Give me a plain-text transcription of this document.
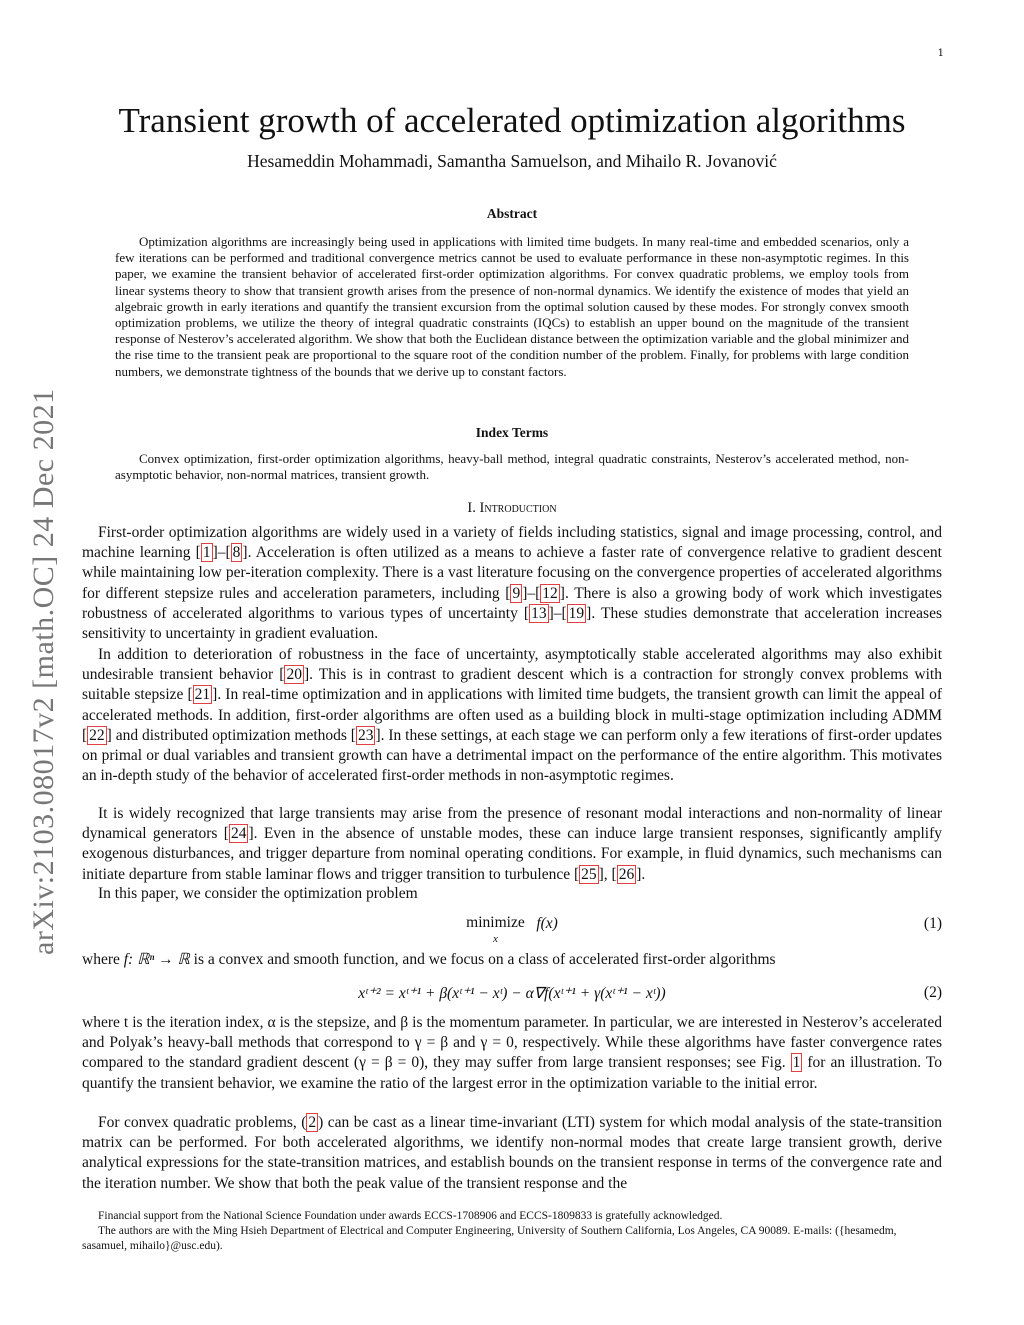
1
arXiv:2103.08017v2 [math.OC] 24 Dec 2021
Transient growth of accelerated optimization algorithms
Hesameddin Mohammadi, Samantha Samuelson, and Mihailo R. Jovanović
Abstract

Optimization algorithms are increasingly being used in applications with limited time budgets. In many real-time and embedded scenarios, only a few iterations can be performed and traditional convergence metrics cannot be used to evaluate performance in these non-asymptotic regimes. In this paper, we examine the transient behavior of accelerated first-order optimization algorithms. For convex quadratic problems, we employ tools from linear systems theory to show that transient growth arises from the presence of non-normal dynamics. We identify the existence of modes that yield an algebraic growth in early iterations and quantify the transient excursion from the optimal solution caused by these modes. For strongly convex smooth optimization problems, we utilize the theory of integral quadratic constraints (IQCs) to establish an upper bound on the magnitude of the transient response of Nesterov’s accelerated algorithm. We show that both the Euclidean distance between the optimization variable and the global minimizer and the rise time to the transient peak are proportional to the square root of the condition number of the problem. Finally, for problems with large condition numbers, we demonstrate tightness of the bounds that we derive up to constant factors.

Index Terms

Convex optimization, first-order optimization algorithms, heavy-ball method, integral quadratic constraints, Nesterov’s accelerated method, non-asymptotic behavior, non-normal matrices, transient growth.

I. Introduction

First-order optimization algorithms are widely used in a variety of fields including statistics, signal and image processing, control, and machine learning [ 1 ]–[ 8 ]. Acceleration is often utilized as a means to achieve a faster rate of convergence relative to gradient descent while maintaining low per-iteration complexity. There is a vast literature focusing on the convergence properties of accelerated algorithms for different stepsize rules and acceleration parameters, including [ 9 ]–[ 12 ]. There is also a growing body of work which investigates robustness of accelerated algorithms to various types of uncertainty [ 13 ]–[ 19 ]. These studies demonstrate that acceleration increases sensitivity to uncertainty in gradient evaluation.

In addition to deterioration of robustness in the face of uncertainty, asymptotically stable accelerated algorithms may also exhibit undesirable transient behavior [ 20 ]. This is in contrast to gradient descent which is a contraction for strongly convex problems with suitable stepsize [ 21 ]. In real-time optimization and in applications with limited time budgets, the transient growth can limit the appeal of accelerated methods. In addition, first-order algorithms are often used as a building block in multi-stage optimization including ADMM [ 22 ] and distributed optimization methods [ 23 ]. In these settings, at each stage we can perform only a few iterations of first-order updates on primal or dual variables and transient growth can have a detrimental impact on the performance of the entire algorithm. This motivates an in-depth study of the behavior of accelerated first-order methods in non-asymptotic regimes.

It is widely recognized that large transients may arise from the presence of resonant modal interactions and non-normality of linear dynamical generators [ 24 ]. Even in the absence of unstable modes, these can induce large transient responses, significantly amplify exogenous disturbances, and trigger departure from nominal operating conditions. For example, in fluid dynamics, such mechanisms can initiate departure from stable laminar flows and trigger transition to turbulence [ 25 ], [ 26 ].

In this paper, we consider the optimization problem

minimize
x
f(x)	(1)

where f: ℝⁿ → ℝ is a convex and smooth function, and we focus on a class of accelerated first-order algorithms

xᵗ⁺² = xᵗ⁺¹ + β(xᵗ⁺¹ − xᵗ) − α∇f(xᵗ⁺¹ + γ(xᵗ⁺¹ − xᵗ))	(2)

where t is the iteration index, α is the stepsize, and β is the momentum parameter. In particular, we are interested in Nesterov’s accelerated and Polyak’s heavy-ball methods that correspond to γ = β and γ = 0, respectively. While these algorithms have faster convergence rates compared to the standard gradient descent (γ = β = 0), they may suffer from large transient responses; see Fig. 1 for an illustration. To quantify the transient behavior, we examine the ratio of the largest error in the optimization variable to the initial error.

For convex quadratic problems, ( 2 ) can be cast as a linear time-invariant (LTI) system for which modal analysis of the state-transition matrix can be performed. For both accelerated algorithms, we identify non-normal modes that create large transient growth, derive analytical expressions for the state-transition matrices, and establish bounds on the transient response in terms of the convergence rate and the iteration number. We show that both the peak value of the transient response and the

Financial support from the National Science Foundation under awards ECCS-1708906 and ECCS-1809833 is gratefully acknowledged.

The authors are with the Ming Hsieh Department of Electrical and Computer Engineering, University of Southern California, Los Angeles, CA 90089. E-mails: ({hesamedm, sasamuel, mihailo}@usc.edu).
